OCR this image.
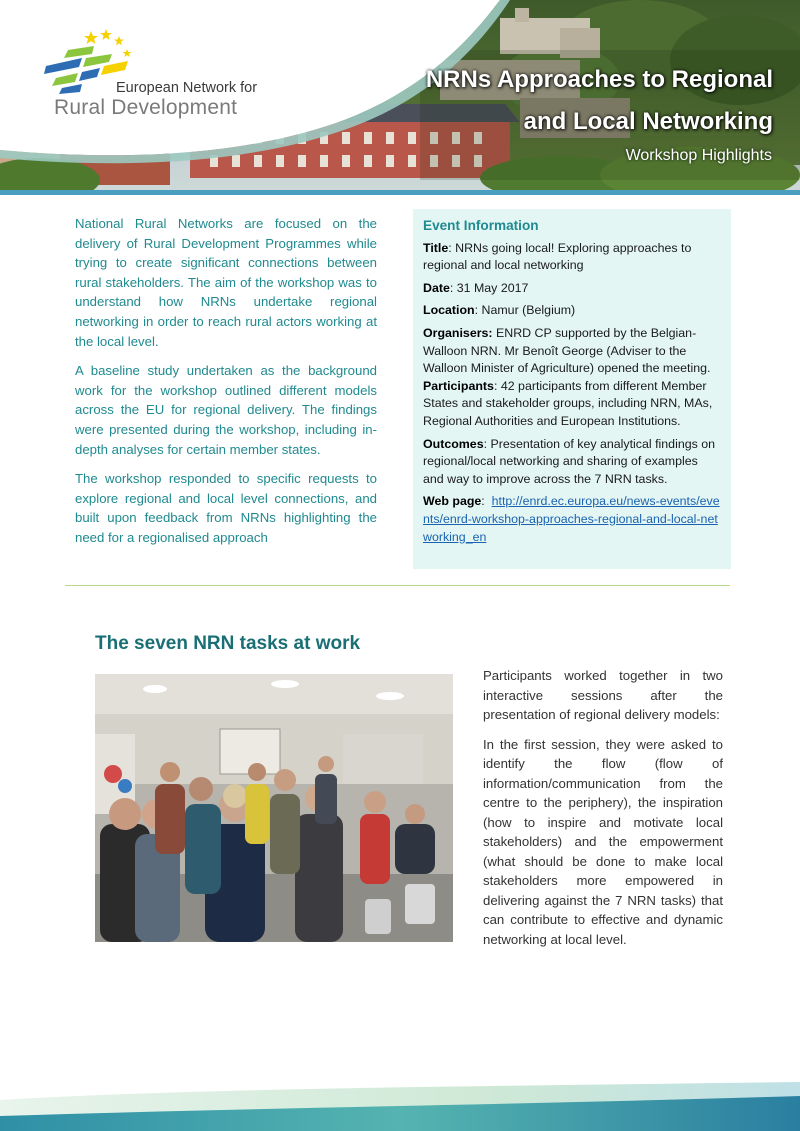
European Network for
Rural Development
NRNs Approaches to Regional
and Local Networking
Workshop Highlights

National Rural Networks are focused on the delivery of Rural Development Programmes while trying to create significant connections between rural stakeholders. The aim of the workshop was to understand how NRNs undertake regional networking in order to reach rural actors working at the local level.

A baseline study undertaken as the background work for the workshop outlined different models across the EU for regional delivery. The findings were presented during the workshop, including in-depth analyses for certain member states.

The workshop responded to specific requests to explore regional and local level connections, and built upon feedback from NRNs highlighting the need for a regionalised approach

Event Information
Title: NRNs going local! Exploring approaches to regional and local networking
Date: 31 May 2017
Location: Namur (Belgium)
Organisers: ENRD CP supported by the Belgian-Walloon NRN. Mr Benoît George (Adviser to the Walloon Minister of Agriculture) opened the meeting.
Participants: 42 participants from different Member States and stakeholder groups, including NRN, MAs, Regional Authorities and European Institutions.
Outcomes: Presentation of key analytical findings on regional/local networking and sharing of examples and way to improve across the 7 NRN tasks.
Web page:  http://enrd.ec.europa.eu/news-events/events/enrd-workshop-approaches-regional-and-local-networking_en
The seven NRN tasks at work

Participants worked together in two interactive sessions after the presentation of regional delivery models:

In the first session, they were asked to identify the flow (flow of information/communication from the centre to the periphery), the inspiration (how to inspire and motivate local stakeholders) and the empowerment (what should be done to make local stakeholders more empowered in delivering against the 7 NRN tasks) that can contribute to effective and dynamic networking at local level.
